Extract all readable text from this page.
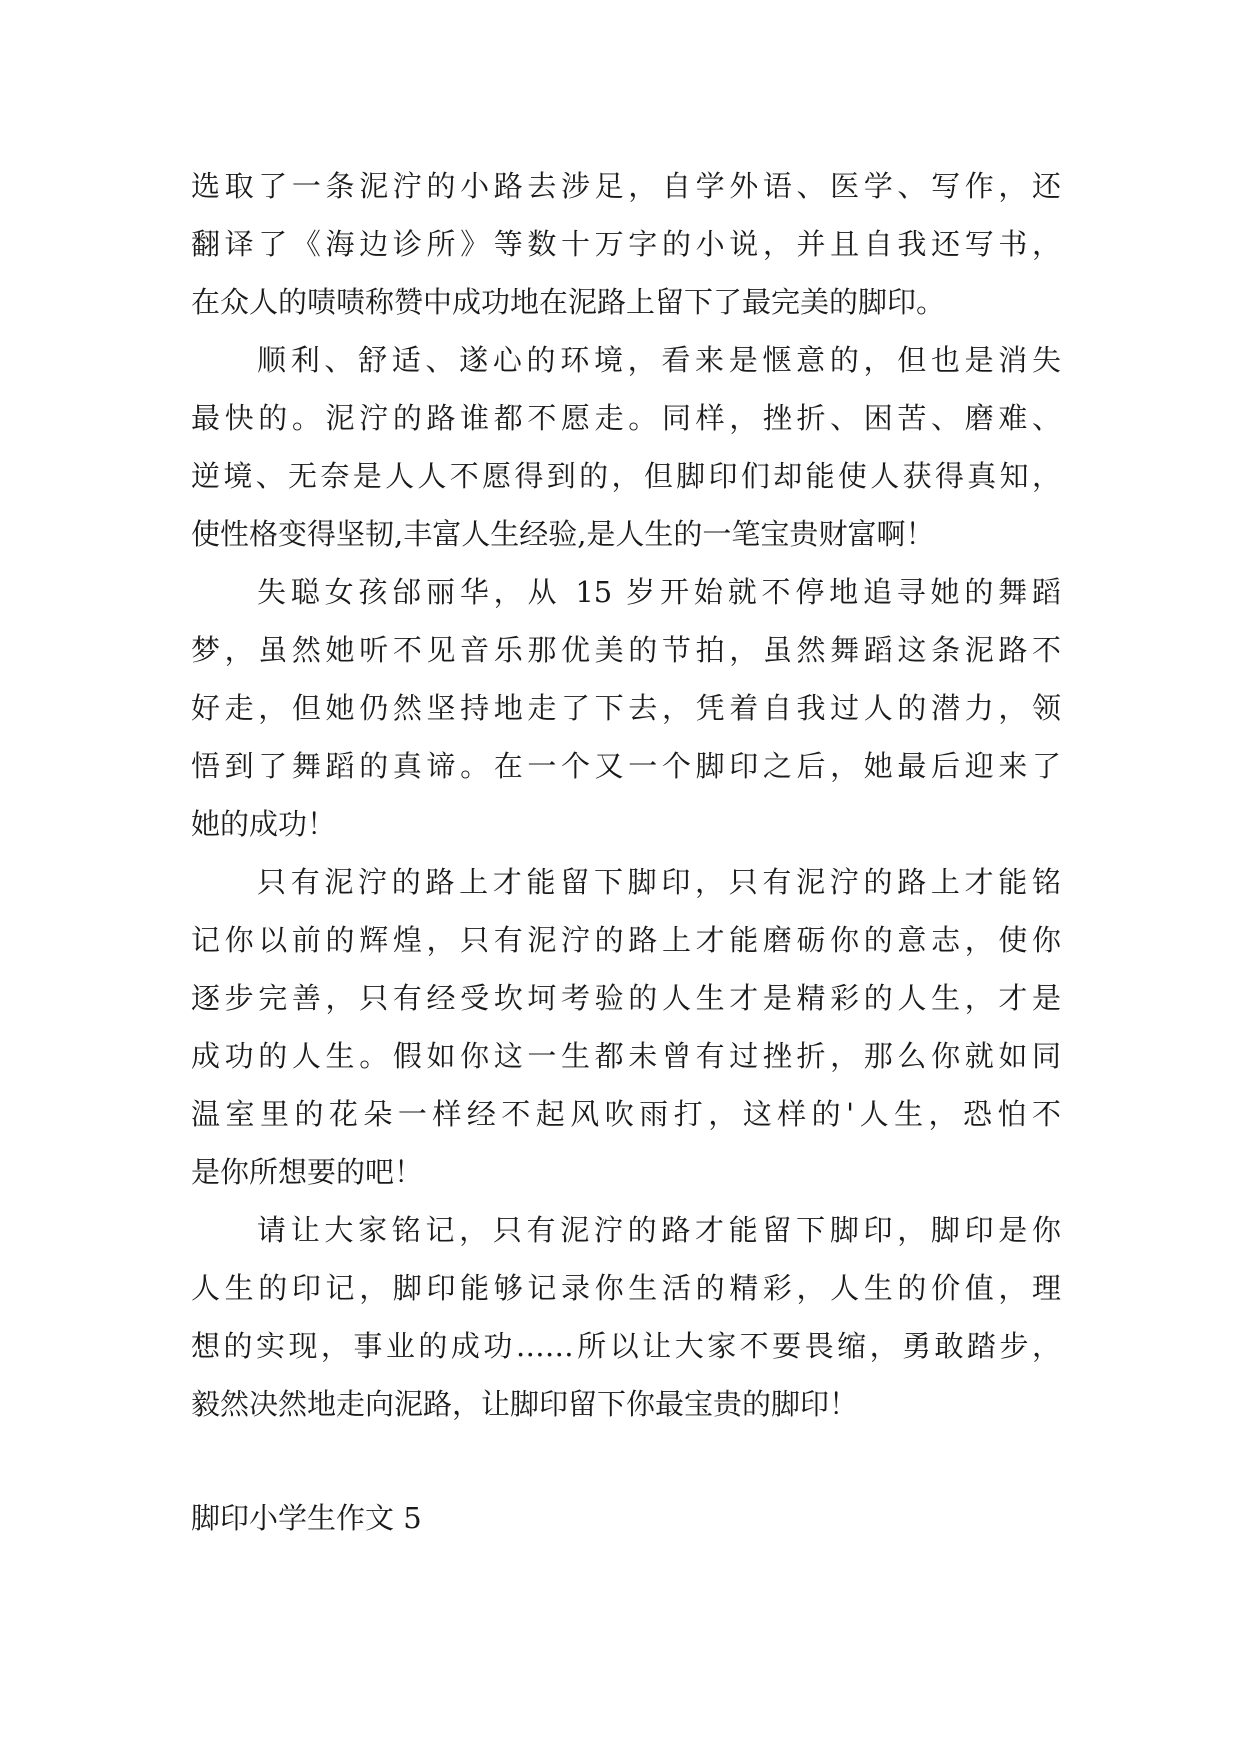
选取了一条泥泞的小路去涉足，自学外语、医学、写作，还
翻译了《海边诊所》等数十万字的小说，并且自我还写书，
在众人的啧啧称赞中成功地在泥路上留下了最完美的脚印。
顺利、舒适、遂心的环境，看来是惬意的，但也是消失
最快的。泥泞的路谁都不愿走。同样，挫折、困苦、磨难、
逆境、无奈是人人不愿得到的，但脚印们却能使人获得真知，
使性格变得坚韧,丰富人生经验,是人生的一笔宝贵财富啊！
失聪女孩邰丽华，从 15 岁开始就不停地追寻她的舞蹈
梦，虽然她听不见音乐那优美的节拍，虽然舞蹈这条泥路不
好走，但她仍然坚持地走了下去，凭着自我过人的潜力，领
悟到了舞蹈的真谛。在一个又一个脚印之后，她最后迎来了
她的成功！
只有泥泞的路上才能留下脚印，只有泥泞的路上才能铭
记你以前的辉煌，只有泥泞的路上才能磨砺你的意志，使你
逐步完善，只有经受坎坷考验的人生才是精彩的人生，才是
成功的人生。假如你这一生都未曾有过挫折，那么你就如同
温室里的花朵一样经不起风吹雨打，这样的'人生，恐怕不
是你所想要的吧！
请让大家铭记，只有泥泞的路才能留下脚印，脚印是你
人生的印记，脚印能够记录你生活的精彩，人生的价值，理
想的实现，事业的成功……所以让大家不要畏缩，勇敢踏步，
毅然决然地走向泥路，让脚印留下你最宝贵的脚印！
脚印小学生作文 5
